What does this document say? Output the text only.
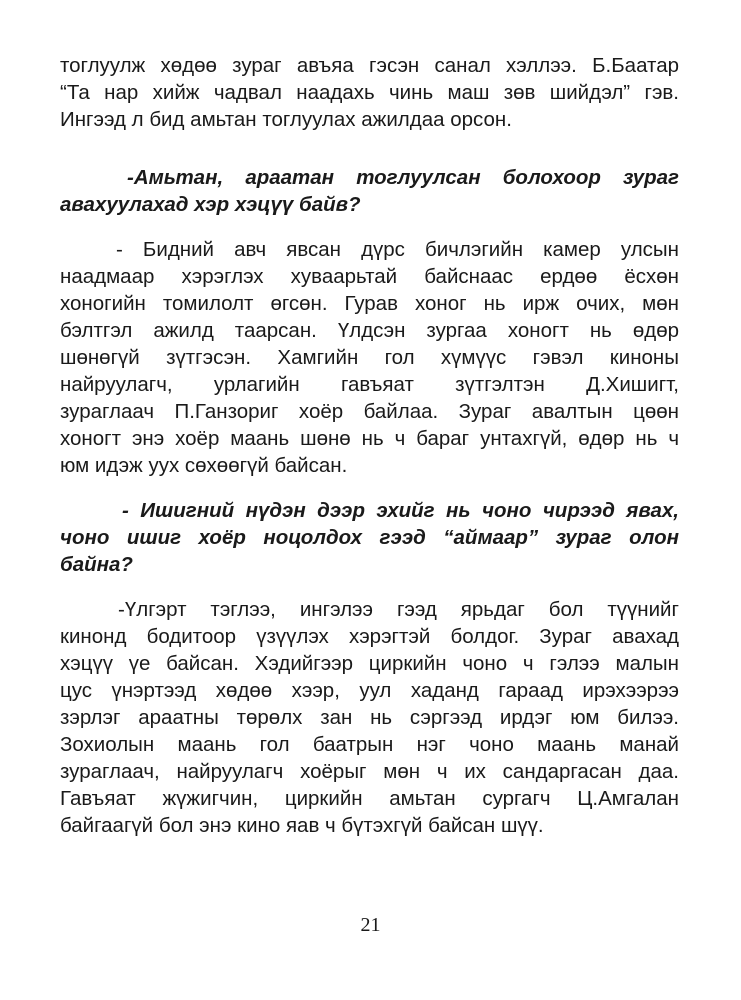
тоглуулж хөдөө зураг авъяа гэсэн санал хэллээ. Б.Баатар

“Та нар хийж чадвал наадахь чинь маш зөв шийдэл” гэв.

Ингээд л бид амьтан тоглуулах ажилдаа орсон.

-Амьтан, араатан тоглуулсан болохоор зураг

авахуулахад хэр хэцүү байв?

- Бидний авч явсан дүрс бичлэгийн камер улсын

наадмаар хэрэглэх хуваарьтай байснаас ердөө ёсхөн

хоногийн томилолт өгсөн. Гурав хоног нь ирж очих, мөн

бэлтгэл ажилд таарсан. Үлдсэн зургаа хоногт нь өдөр

шөнөгүй зүтгэсэн. Хамгийн гол хүмүүс гэвэл киноны

найруулагч, урлагийн гавъяат зүтгэлтэн Д.Хишигт,

зураглаач П.Ганзориг хоёр байлаа. Зураг авалтын цөөн

хоногт энэ хоёр маань шөнө нь ч бараг унтахгүй, өдөр нь ч

юм идэж уух сөхөөгүй байсан.

- Ишигний нүдэн дээр эхийг нь чоно чирээд явах,

чоно ишиг хоёр ноцолдох гээд “аймаар” зураг олон

байна?

-Үлгэрт тэглээ, ингэлээ гээд ярьдаг бол түүнийг

кинонд бодитоор үзүүлэх хэрэгтэй болдог. Зураг авахад

хэцүү үе байсан. Хэдийгээр циркийн чоно ч гэлээ малын

цус үнэртээд хөдөө хээр, уул хаданд гараад ирэхээрээ

зэрлэг араатны төрөлх зан нь сэргээд ирдэг юм билээ.

Зохиолын маань гол баатрын нэг чоно маань манай

зураглаач, найруулагч хоёрыг мөн ч их сандаргасан даа.

Гавъяат жүжигчин, циркийн амьтан сургагч Ц.Амгалан

байгаагүй бол энэ кино яав ч бүтэхгүй байсан шүү.

21
